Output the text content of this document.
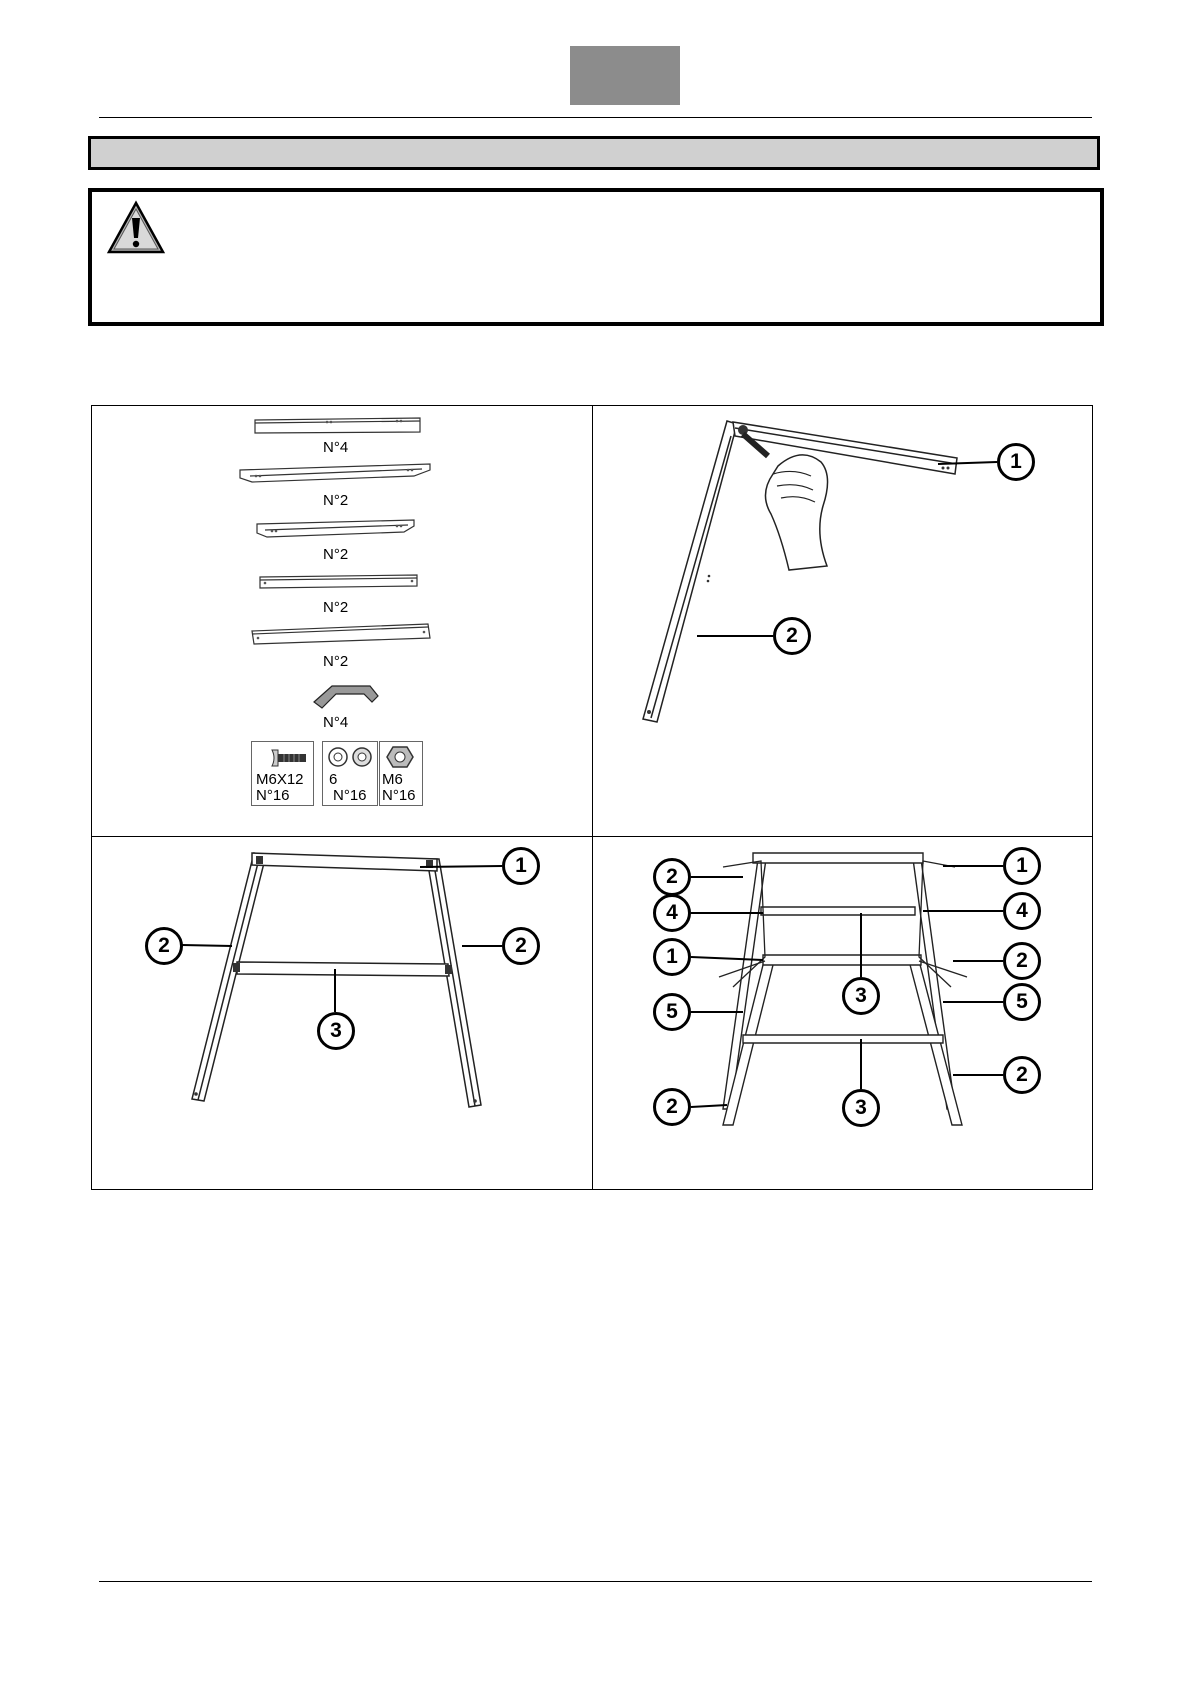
N°4
N°2
N°2
N°2
N°2
N°4
M6X12
N°16
6
N°16
M6
N°16
1
2
1
2	2
3
1
2
4	4
1
3
2
5	5
2
2	3
